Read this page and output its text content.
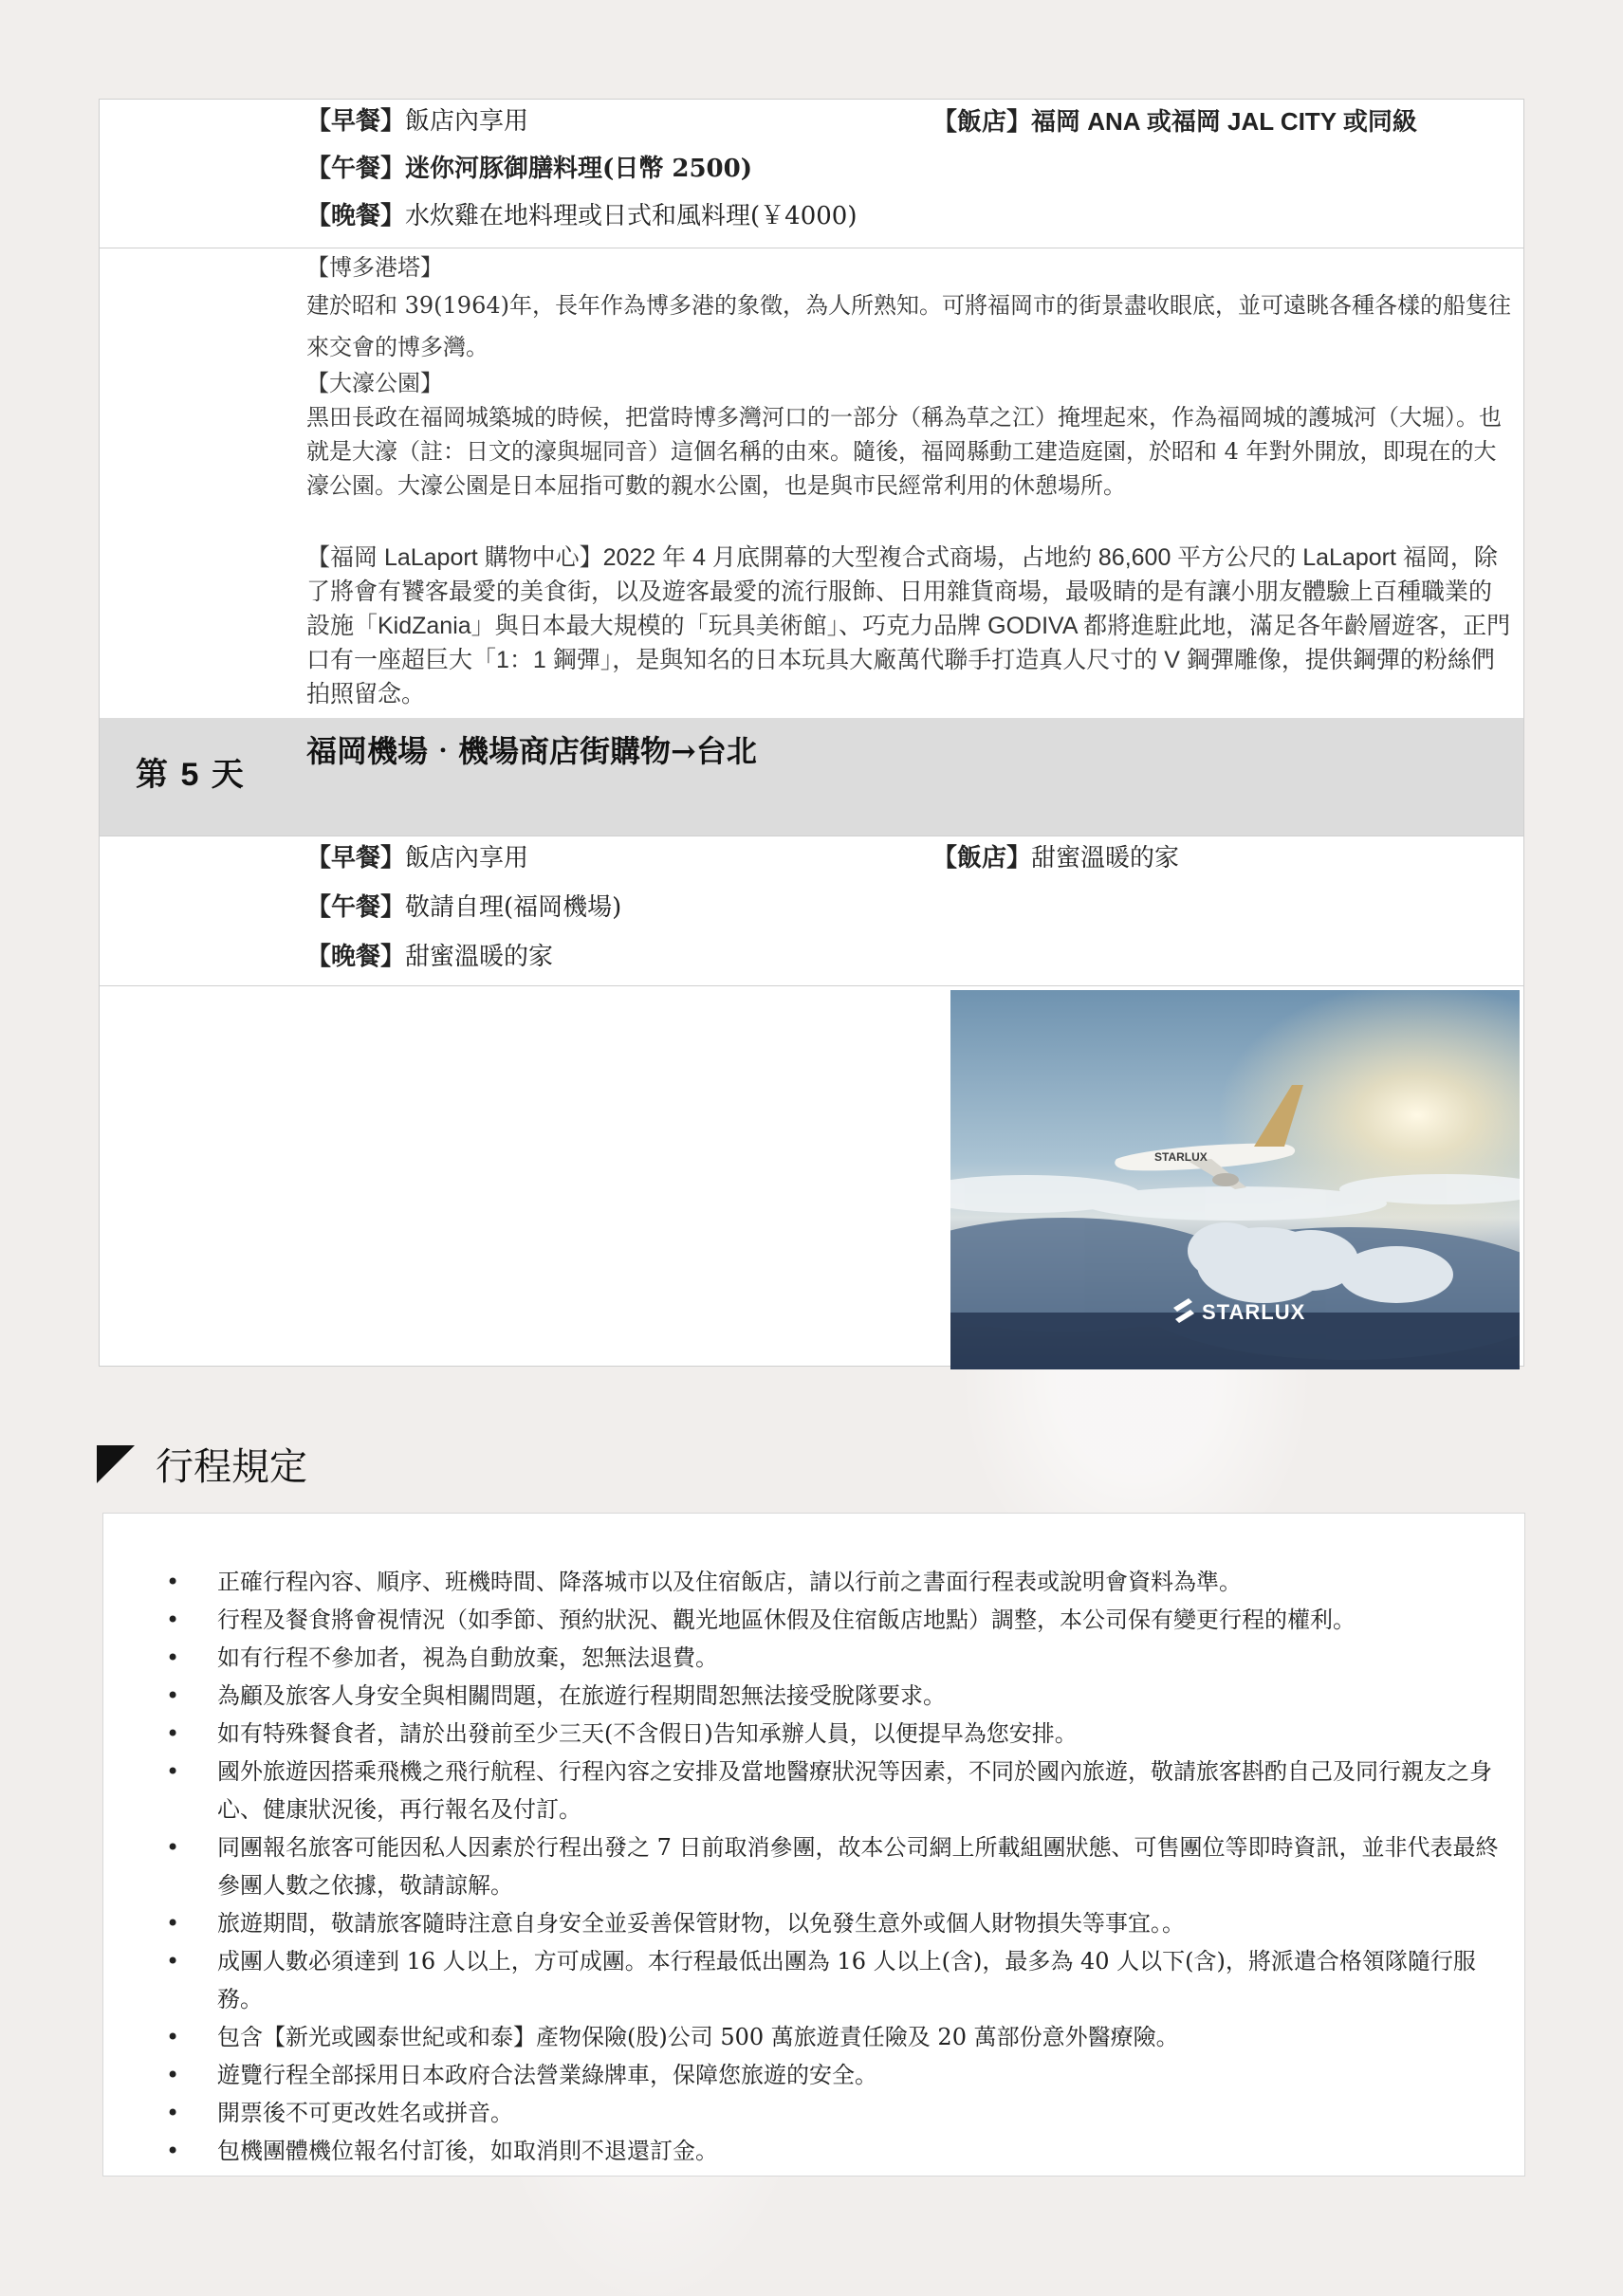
【早餐】飯店內享用	【飯店】福岡 ANA 或福岡 JAL CITY 或同級
【午餐】迷你河豚御膳料理(日幣 2500)
【晚餐】水炊雞在地料理或日式和風料理(￥4000)
【博多港塔】
建於昭和 39(1964)年，長年作為博多港的象徵，為人所熟知。可將福岡市的街景盡收眼底，並可遠眺各種各樣的船隻往來交會的博多灣。
【大濠公園】
黑田長政在福岡城築城的時候，把當時博多灣河口的一部分（稱為草之江）掩埋起來，作為福岡城的護城河（大堀）。也就是大濠（註：日文的濠與堀同音）這個名稱的由來。隨後，福岡縣動工建造庭園，於昭和 4 年對外開放，即現在的大濠公園。大濠公園是日本屈指可數的親水公園，也是與市民經常利用的休憩場所。
【福岡 LaLaport 購物中心】2022 年 4 月底開幕的大型複合式商場，占地約 86,600 平方公尺的 LaLaport 福岡，除了將會有饕客最愛的美食街，以及遊客最愛的流行服飾、日用雜貨商場，最吸睛的是有讓小朋友體驗上百種職業的設施「KidZania」與日本最大規模的「玩具美術館」、巧克力品牌 GODIVA 都將進駐此地，滿足各年齡層遊客，正門口有一座超巨大「1：1 鋼彈」，是與知名的日本玩具大廠萬代聯手打造真人尺寸的 V 鋼彈雕像，提供鋼彈的粉絲們拍照留念。
第 5 天
福岡機場‧機場商店街購物→台北
【早餐】飯店內享用	【飯店】甜蜜溫暖的家
【午餐】敬請自理(福岡機場)
【晚餐】甜蜜溫暖的家
STARLUX
STARLUX
行程規定
• 正確行程內容、順序、班機時間、降落城市以及住宿飯店，請以行前之書面行程表或說明會資料為準。
• 行程及餐食將會視情況（如季節、預約狀況、觀光地區休假及住宿飯店地點）調整，本公司保有變更行程的權利。
• 如有行程不參加者，視為自動放棄，恕無法退費。
• 為顧及旅客人身安全與相關問題，在旅遊行程期間恕無法接受脫隊要求。
• 如有特殊餐食者，請於出發前至少三天(不含假日)告知承辦人員，以便提早為您安排。
• 國外旅遊因搭乘飛機之飛行航程、行程內容之安排及當地醫療狀況等因素，不同於國內旅遊，敬請旅客斟酌自己及同行親友之身心、健康狀況後，再行報名及付訂。
• 同團報名旅客可能因私人因素於行程出發之 7 日前取消參團，故本公司網上所載組團狀態、可售團位等即時資訊，並非代表最終參團人數之依據，敬請諒解。
• 旅遊期間，敬請旅客隨時注意自身安全並妥善保管財物，以免發生意外或個人財物損失等事宜。。
• 成團人數必須達到 16 人以上，方可成團。本行程最低出團為 16 人以上(含)，最多為 40 人以下(含)，將派遣合格領隊隨行服務。
• 包含【新光或國泰世紀或和泰】產物保險(股)公司 500 萬旅遊責任險及 20 萬部份意外醫療險。
• 遊覽行程全部採用日本政府合法營業綠牌車，保障您旅遊的安全。
• 開票後不可更改姓名或拼音。
• 包機團體機位報名付訂後，如取消則不退還訂金。
